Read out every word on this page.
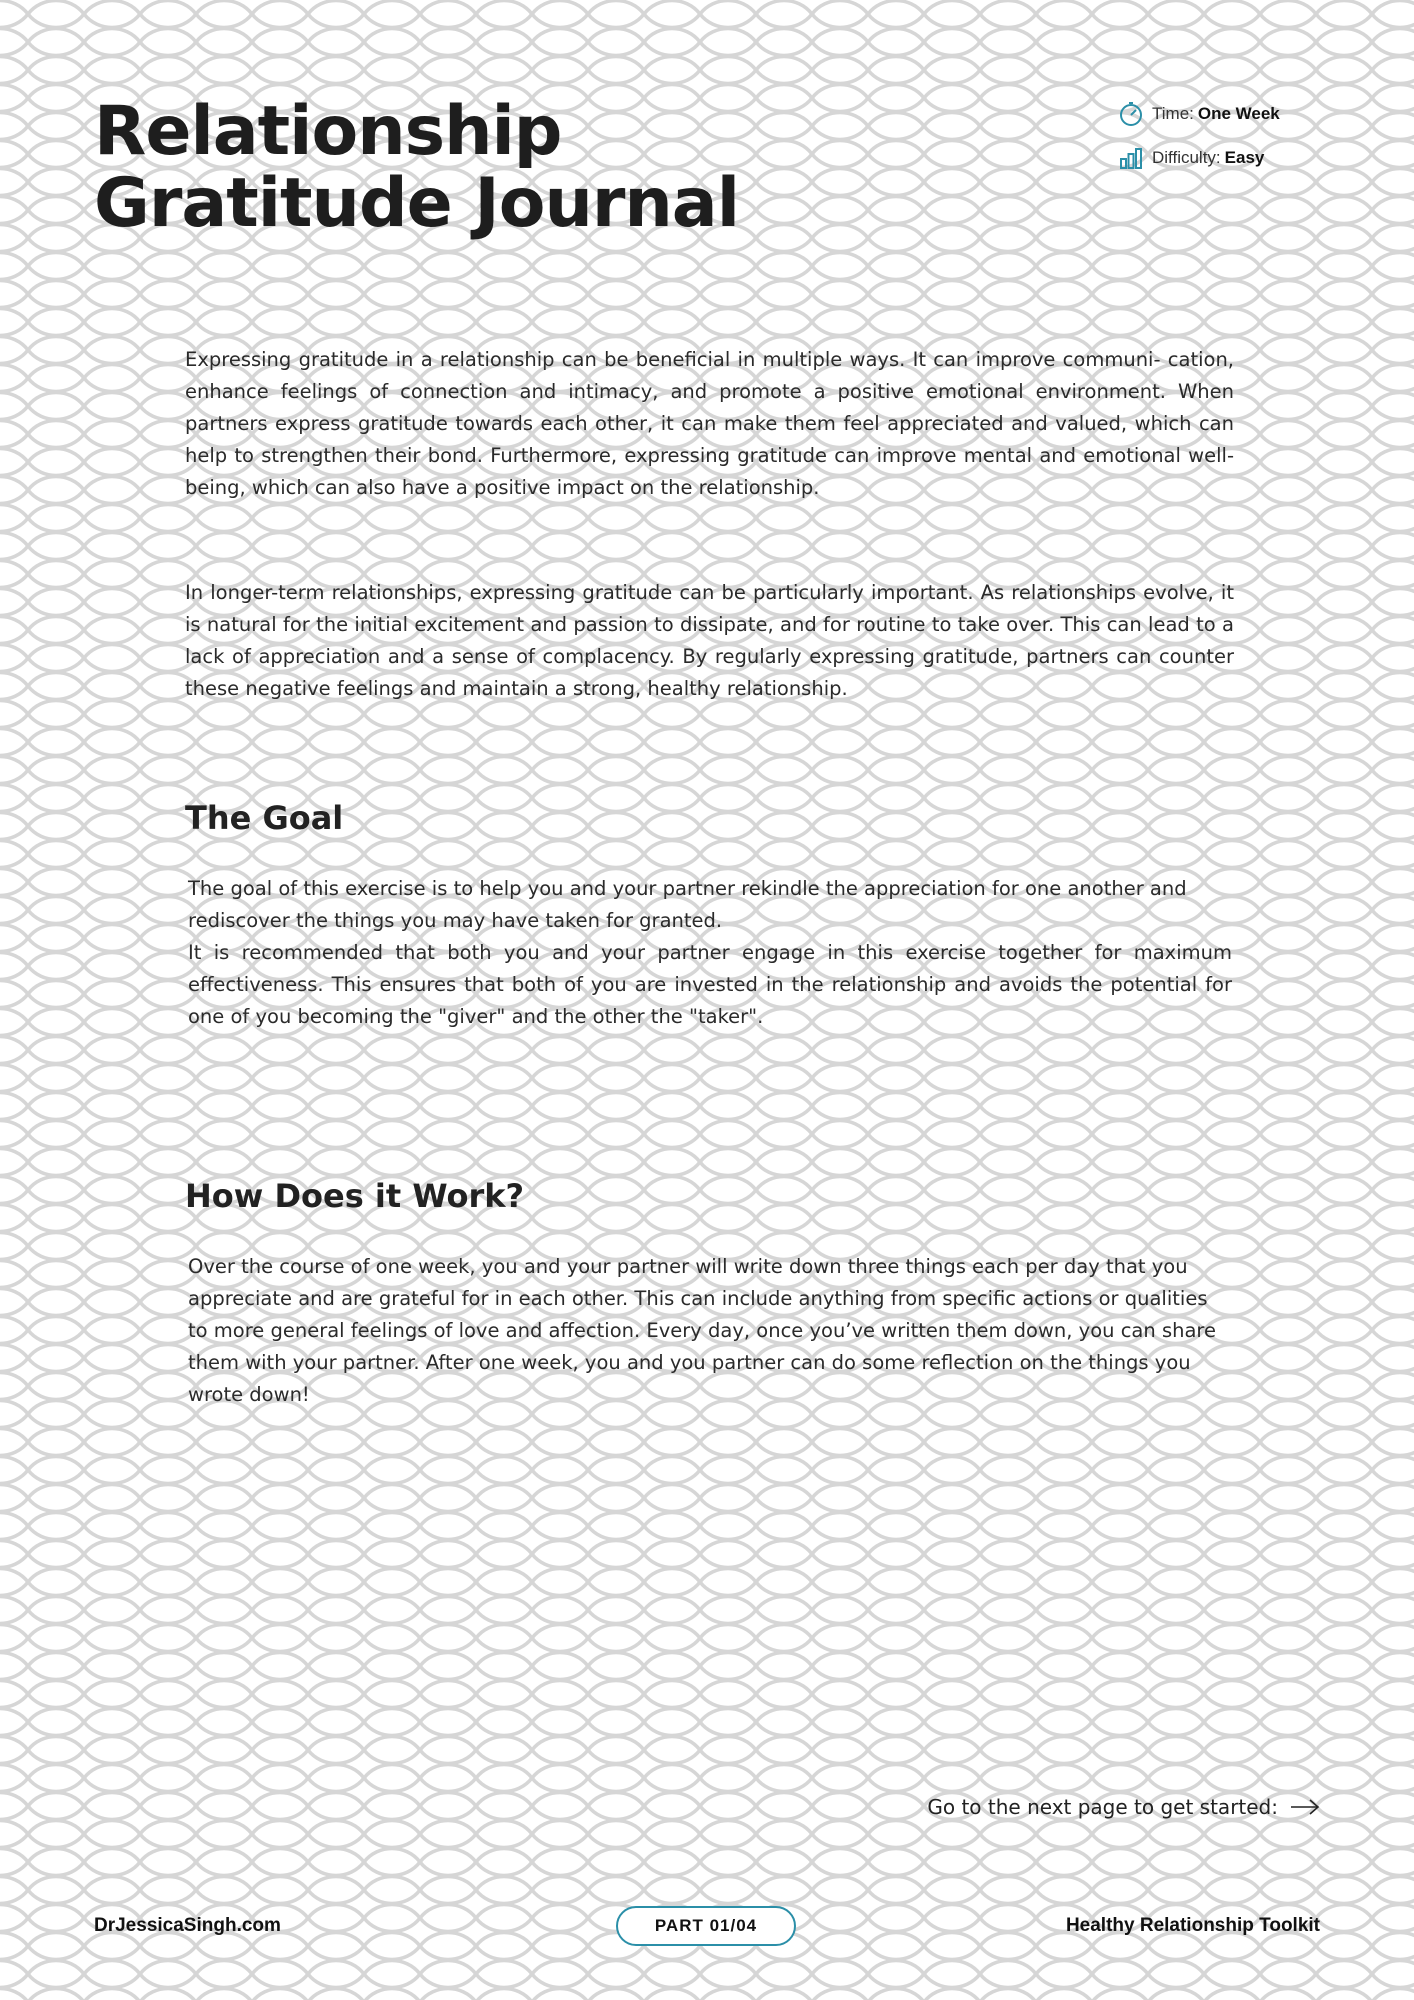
Relationship
Gratitude Journal
Time: One Week
Difficulty: Easy

Expressing gratitude in a relationship can be beneficial in multiple ways. It can improve communi- cation, enhance feelings of connection and intimacy, and promote a positive emotional environment. When partners express gratitude towards each other, it can make them feel appreciated and valued, which can help to strengthen their bond. Furthermore, expressing gratitude can improve mental and emotional well-being, which can also have a positive impact on the relationship.

In longer-term relationships, expressing gratitude can be particularly important. As relationships evolve, it is natural for the initial excitement and passion to dissipate, and for routine to take over. This can lead to a lack of appreciation and a sense of complacency. By regularly expressing gratitude, partners can counter these negative feelings and maintain a strong, healthy relationship.

The Goal
The goal of this exercise is to help you and your partner rekindle the appreciation for one another and rediscover the things you may have taken for granted.
It is recommended that both you and your partner engage in this exercise together for maximum effectiveness. This ensures that both of you are invested in the relationship and avoids the potential for one of you becoming the "giver" and the other the "taker".
How Does it Work?

Over the course of one week, you and your partner will write down three things each per day that you appreciate and are grateful for in each other. This can include anything from specific actions or qualities to more general feelings of love and affection. Every day, once you’ve written them down, you can share them with your partner. After one week, you and you partner can do some reflection on the things you wrote down!

Go to the next page to get started:
DrJessicaSingh.com	PART 01/04	Healthy Relationship Toolkit
